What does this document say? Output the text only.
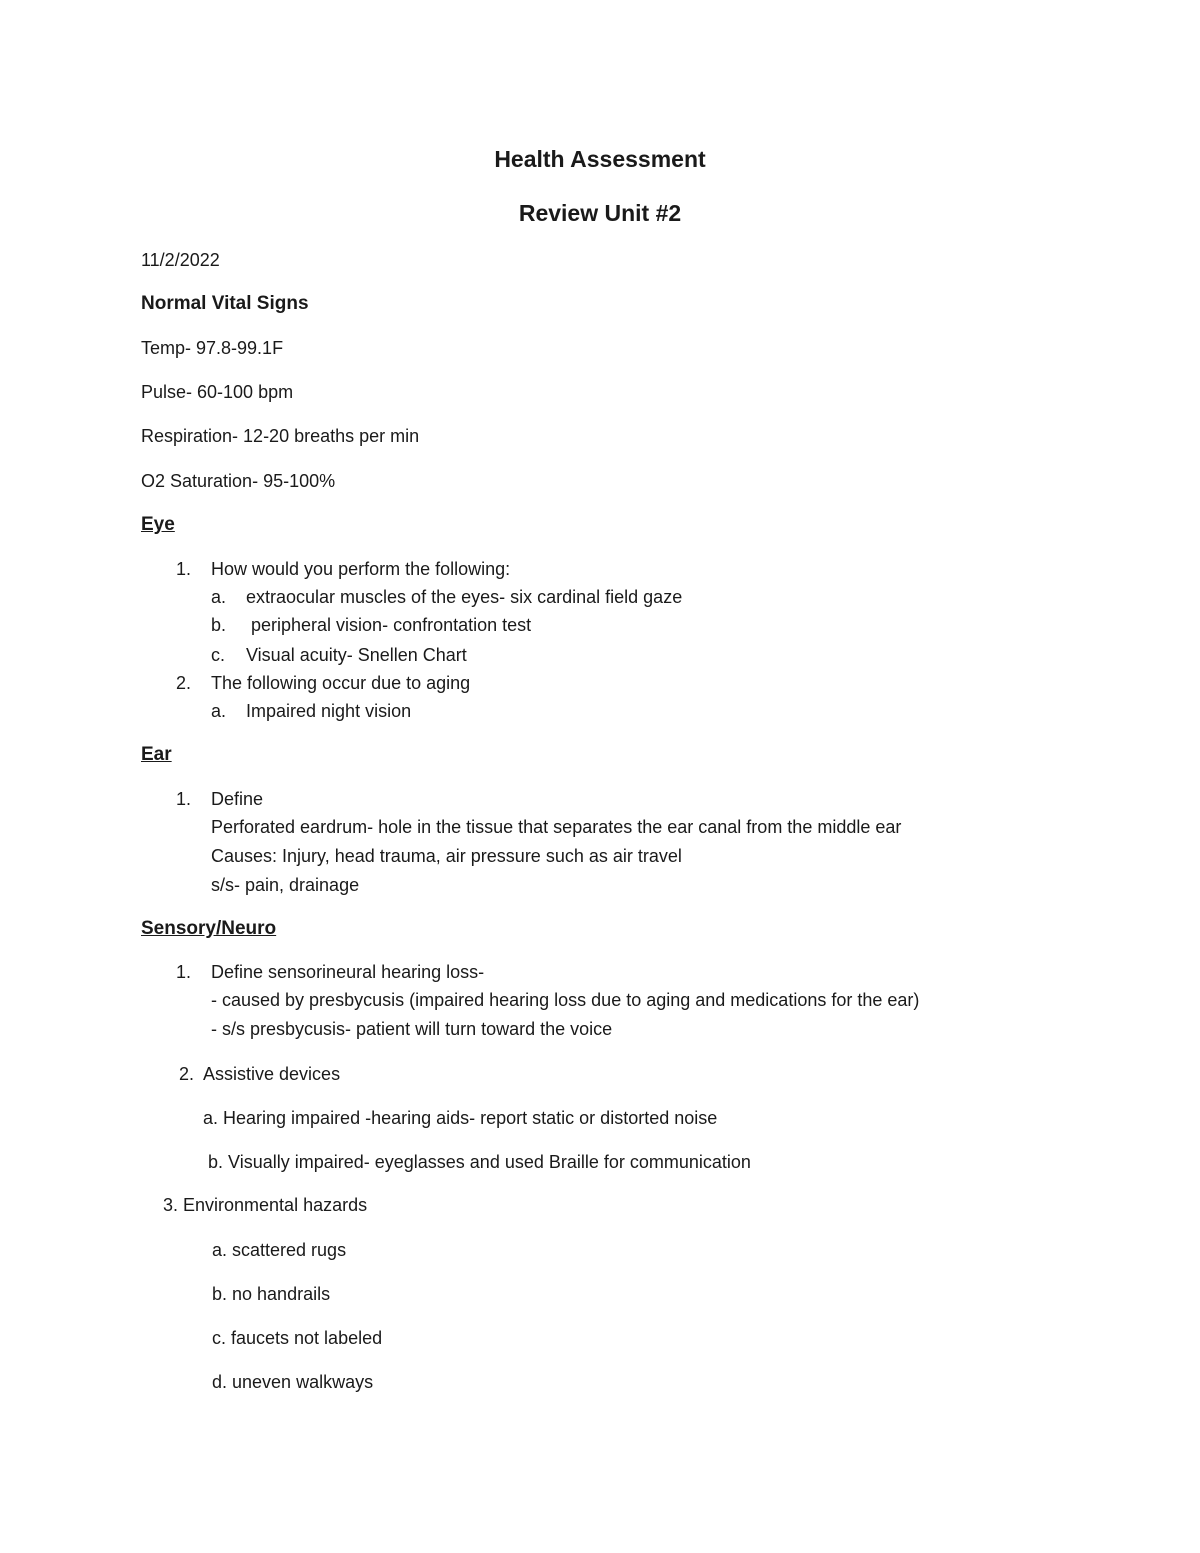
Health Assessment
Review Unit #2
11/2/2022
Normal Vital Signs
Temp- 97.8-99.1F
Pulse- 60-100 bpm
Respiration- 12-20 breaths per min
O2 Saturation- 95-100%
Eye
1. How would you perform the following:
a. extraocular muscles of the eyes- six cardinal field gaze
b. peripheral vision- confrontation test
c. Visual acuity- Snellen Chart
2. The following occur due to aging
a. Impaired night vision
Ear
1. Define
Perforated eardrum- hole in the tissue that separates the ear canal from the middle ear
Causes: Injury, head trauma, air pressure such as air travel
s/s- pain, drainage
Sensory/Neuro
1. Define sensorineural hearing loss-
- caused by presbycusis (impaired hearing loss due to aging and medications for the ear)
- s/s presbycusis- patient will turn toward the voice
2.  Assistive devices
a. Hearing impaired -hearing aids- report static or distorted noise
b. Visually impaired- eyeglasses and used Braille for communication
3. Environmental hazards
a. scattered rugs
b. no handrails
c. faucets not labeled
d. uneven walkways
